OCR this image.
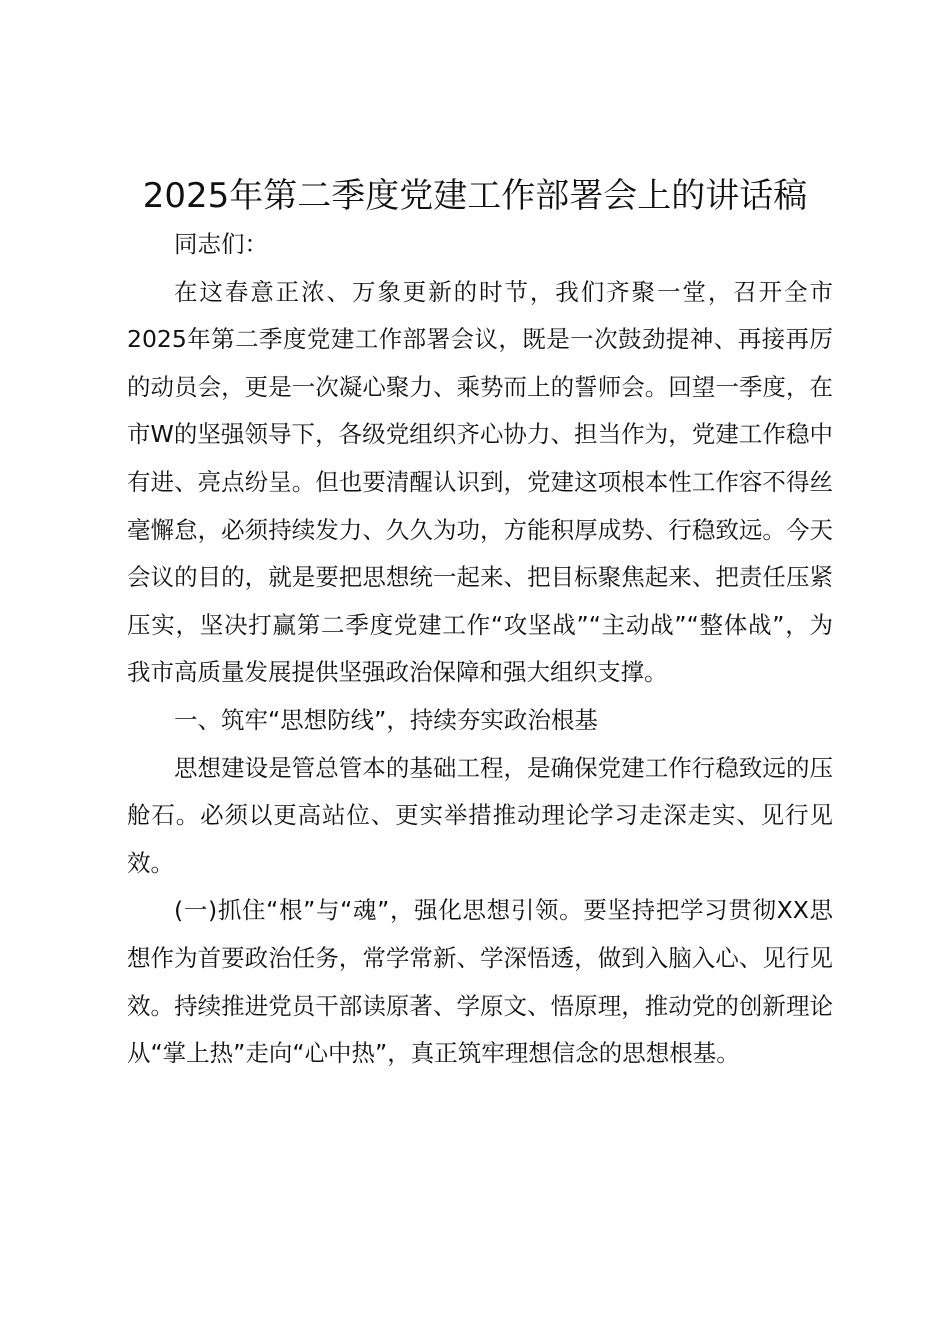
2025年第二季度党建工作部署会上的讲话稿

同志们：

在这春意正浓、万象更新的时节，我们齐聚一堂，召开全市2025年第二季度党建工作部署会议，既是一次鼓劲提神、再接再厉的动员会，更是一次凝心聚力、乘势而上的誓师会。回望一季度，在市W的坚强领导下，各级党组织齐心协力、担当作为，党建工作稳中有进、亮点纷呈。但也要清醒认识到，党建这项根本性工作容不得丝毫懈怠，必须持续发力、久久为功，方能积厚成势、行稳致远。今天会议的目的，就是要把思想统一起来、把目标聚焦起来、把责任压紧压实，坚决打赢第二季度党建工作“攻坚战”“主动战”“整体战”，为我市高质量发展提供坚强政治保障和强大组织支撑。

一、筑牢“思想防线”，持续夯实政治根基

思想建设是管总管本的基础工程，是确保党建工作行稳致远的压舱石。必须以更高站位、更实举措推动理论学习走深走实、见行见效。

(一)抓住“根”与“魂”，强化思想引领。要坚持把学习贯彻XX思想作为首要政治任务，常学常新、学深悟透，做到入脑入心、见行见效。持续推进党员干部读原著、学原文、悟原理，推动党的创新理论从“掌上热”走向“心中热”，真正筑牢理想信念的思想根基。
